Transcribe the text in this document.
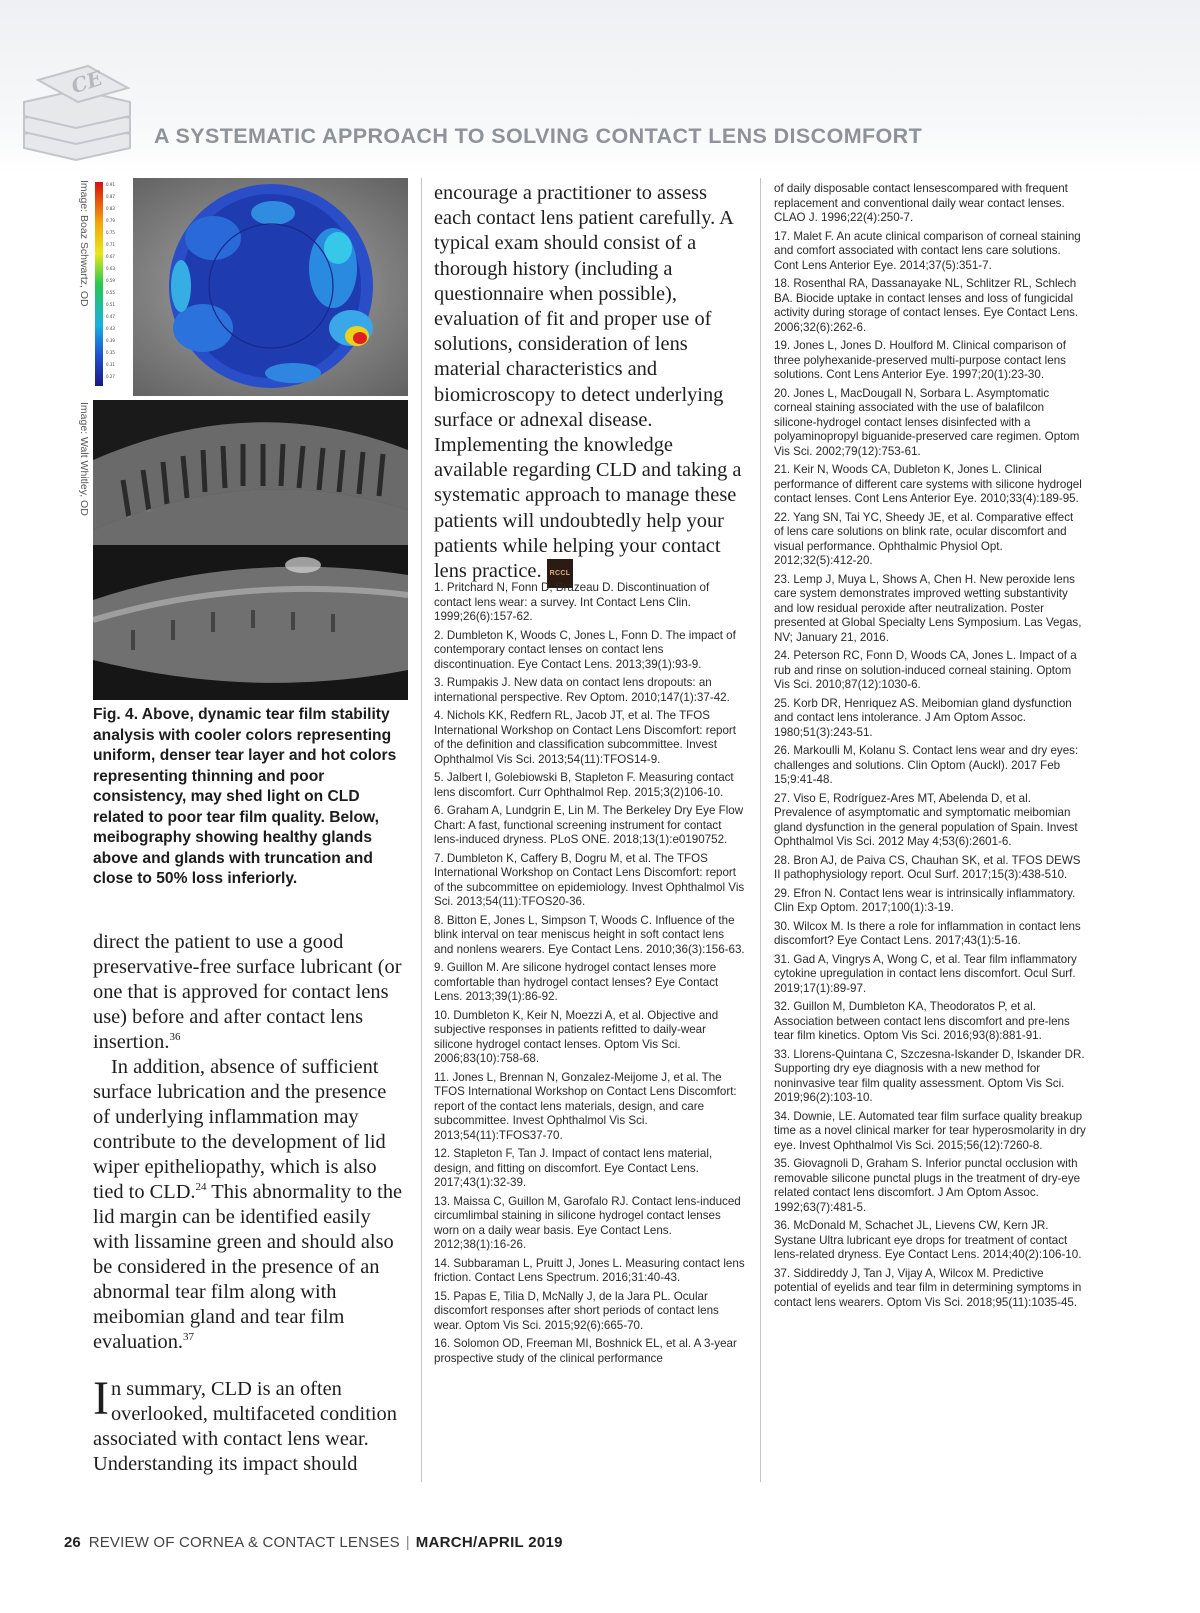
CE
A SYSTEMATIC APPROACH TO SOLVING CONTACT LENS DISCOMFORT
Image: Boaz Schwartz, OD
Image: Walt Whitley, OD
0.91
0.87
0.83
0.79
0.75
0.71
0.67
0.63
0.59
0.55
0.51
0.47
0.43
0.39
0.35
0.31
0.27
Fig. 4. Above, dynamic tear film stability analysis with cooler colors representing uniform, denser tear layer and hot colors representing thinning and poor consistency, may shed light on CLD related to poor tear film quality. Below, meibography showing healthy glands above and glands with truncation and close to 50% loss inferiorly.

direct the patient to use a good preservative-free surface lubricant (or one that is approved for contact lens use) before and after contact lens insertion.$^{36}$

In addition, absence of sufficient surface lubrication and the presence of underlying inflammation may contribute to the development of lid wiper epitheliopathy, which is also tied to CLD.$^{24}$ This abnormality to the lid margin can be identified easily with lissamine green and should also be considered in the presence of an abnormal tear film along with meibomian gland and tear film evaluation.$^{37}$

In summary, CLD is an often overlooked, multifaceted condition associated with contact lens wear. Understanding its impact should

encourage a practitioner to assess each contact lens patient carefully. A typical exam should consist of a thorough history (including a questionnaire when possible), evaluation of fit and proper use of solutions, consideration of lens material characteristics and biomicroscopy to detect underlying surface or adnexal disease. Implementing the knowledge available regarding CLD and taking a systematic approach to manage these patients will undoubtedly help your patients while helping your contact lens practice. RCCL
1. Pritchard N, Fonn D, Brazeau D. Discontinuation of contact lens wear: a survey. Int Contact Lens Clin. 1999;26(6):157-62.
2. Dumbleton K, Woods C, Jones L, Fonn D. The impact of contemporary contact lenses on contact lens discontinuation. Eye Contact Lens. 2013;39(1):93-9.
3. Rumpakis J. New data on contact lens dropouts: an international perspective. Rev Optom. 2010;147(1):37-42.
4. Nichols KK, Redfern RL, Jacob JT, et al. The TFOS International Workshop on Contact Lens Discomfort: report of the definition and classification subcommittee. Invest Ophthalmol Vis Sci. 2013;54(11):TFOS14-9.
5. Jalbert I, Golebiowski B, Stapleton F. Measuring contact lens discomfort. Curr Ophthalmol Rep. 2015;3(2)106-10.
6. Graham A, Lundgrin E, Lin M. The Berkeley Dry Eye Flow Chart: A fast, functional screening instrument for contact lens-induced dryness. PLoS ONE. 2018;13(1):e0190752.
7. Dumbleton K, Caffery B, Dogru M, et al. The TFOS International Workshop on Contact Lens Discomfort: report of the subcommittee on epidemiology. Invest Ophthalmol Vis Sci. 2013;54(11):TFOS20-36.
8. Bitton E, Jones L, Simpson T, Woods C. Influence of the blink interval on tear meniscus height in soft contact lens and nonlens wearers. Eye Contact Lens. 2010;36(3):156-63.
9. Guillon M. Are silicone hydrogel contact lenses more comfortable than hydrogel contact lenses? Eye Contact Lens. 2013;39(1):86-92.
10. Dumbleton K, Keir N, Moezzi A, et al. Objective and subjective responses in patients refitted to daily-wear silicone hydrogel contact lenses. Optom Vis Sci. 2006;83(10):758-68.
11. Jones L, Brennan N, Gonzalez-Meijome J, et al. The TFOS International Workshop on Contact Lens Discomfort: report of the contact lens materials, design, and care subcommittee. Invest Ophthalmol Vis Sci. 2013;54(11):TFOS37-70.
12. Stapleton F, Tan J. Impact of contact lens material, design, and fitting on discomfort. Eye Contact Lens. 2017;43(1):32-39.
13. Maissa C, Guillon M, Garofalo RJ. Contact lens-induced circumlimbal staining in silicone hydrogel contact lenses worn on a daily wear basis. Eye Contact Lens. 2012;38(1):16-26.
14. Subbaraman L, Pruitt J, Jones L. Measuring contact lens friction. Contact Lens Spectrum. 2016;31:40-43.
15. Papas E, Tilia D, McNally J, de la Jara PL. Ocular discomfort responses after short periods of contact lens wear. Optom Vis Sci. 2015;92(6):665-70.
16. Solomon OD, Freeman MI, Boshnick EL, et al. A 3-year prospective study of the clinical performance
of daily disposable contact lensescompared with frequent replacement and conventional daily wear contact lenses. CLAO J. 1996;22(4):250-7.
17. Malet F. An acute clinical comparison of corneal staining and comfort associated with contact lens care solutions. Cont Lens Anterior Eye. 2014;37(5):351-7.
18. Rosenthal RA, Dassanayake NL, Schlitzer RL, Schlech BA. Biocide uptake in contact lenses and loss of fungicidal activity during storage of contact lenses. Eye Contact Lens. 2006;32(6):262-6.
19. Jones L, Jones D. Houlford M. Clinical comparison of three polyhexanide-preserved multi-purpose contact lens solutions. Cont Lens Anterior Eye. 1997;20(1):23-30.
20. Jones L, MacDougall N, Sorbara L. Asymptomatic corneal staining associated with the use of balafilcon silicone-hydrogel contact lenses disinfected with a polyaminopropyl biguanide-preserved care regimen. Optom Vis Sci. 2002;79(12):753-61.
21. Keir N, Woods CA, Dubleton K, Jones L. Clinical performance of different care systems with silicone hydrogel contact lenses. Cont Lens Anterior Eye. 2010;33(4):189-95.
22. Yang SN, Tai YC, Sheedy JE, et al. Comparative effect of lens care solutions on blink rate, ocular discomfort and visual performance. Ophthalmic Physiol Opt. 2012;32(5):412-20.
23. Lemp J, Muya L, Shows A, Chen H. New peroxide lens care system demonstrates improved wetting substantivity and low residual peroxide after neutralization. Poster presented at Global Specialty Lens Symposium. Las Vegas, NV; January 21, 2016.
24. Peterson RC, Fonn D, Woods CA, Jones L. Impact of a rub and rinse on solution-induced corneal staining. Optom Vis Sci. 2010;87(12):1030-6.
25. Korb DR, Henriquez AS. Meibomian gland dysfunction and contact lens intolerance. J Am Optom Assoc. 1980;51(3):243-51.
26. Markoulli M, Kolanu S. Contact lens wear and dry eyes: challenges and solutions. Clin Optom (Auckl). 2017 Feb 15;9:41-48.
27. Viso E, Rodríguez-Ares MT, Abelenda D, et al. Prevalence of asymptomatic and symptomatic meibomian gland dysfunction in the general population of Spain. Invest Ophthalmol Vis Sci. 2012 May 4;53(6):2601-6.
28. Bron AJ, de Paiva CS, Chauhan SK, et al. TFOS DEWS II pathophysiology report. Ocul Surf. 2017;15(3):438-510.
29. Efron N. Contact lens wear is intrinsically inflammatory. Clin Exp Optom. 2017;100(1):3-19.
30. Wilcox M. Is there a role for inflammation in contact lens discomfort? Eye Contact Lens. 2017;43(1):5-16.
31. Gad A, Vingrys A, Wong C, et al. Tear film inflammatory cytokine upregulation in contact lens discomfort. Ocul Surf. 2019;17(1):89-97.
32. Guillon M, Dumbleton KA, Theodoratos P, et al. Association between contact lens discomfort and pre-lens tear film kinetics. Optom Vis Sci. 2016;93(8):881-91.
33. Llorens-Quintana C, Szczesna-Iskander D, Iskander DR. Supporting dry eye diagnosis with a new method for noninvasive tear film quality assessment. Optom Vis Sci. 2019;96(2):103-10.
34. Downie, LE. Automated tear film surface quality breakup time as a novel clinical marker for tear hyperosmolarity in dry eye. Invest Ophthalmol Vis Sci. 2015;56(12):7260-8.
35. Giovagnoli D, Graham S. Inferior punctal occlusion with removable silicone punctal plugs in the treatment of dry-eye related contact lens discomfort. J Am Optom Assoc. 1992;63(7):481-5.
36. McDonald M, Schachet JL, Lievens CW, Kern JR. Systane Ultra lubricant eye drops for treatment of contact lens-related dryness. Eye Contact Lens. 2014;40(2):106-10.
37. Siddireddy J, Tan J, Vijay A, Wilcox M. Predictive potential of eyelids and tear film in determining symptoms in contact lens wearers. Optom Vis Sci. 2018;95(11):1035-45.
26 REVIEW OF CORNEA & CONTACT LENSES | MARCH/APRIL 2019
